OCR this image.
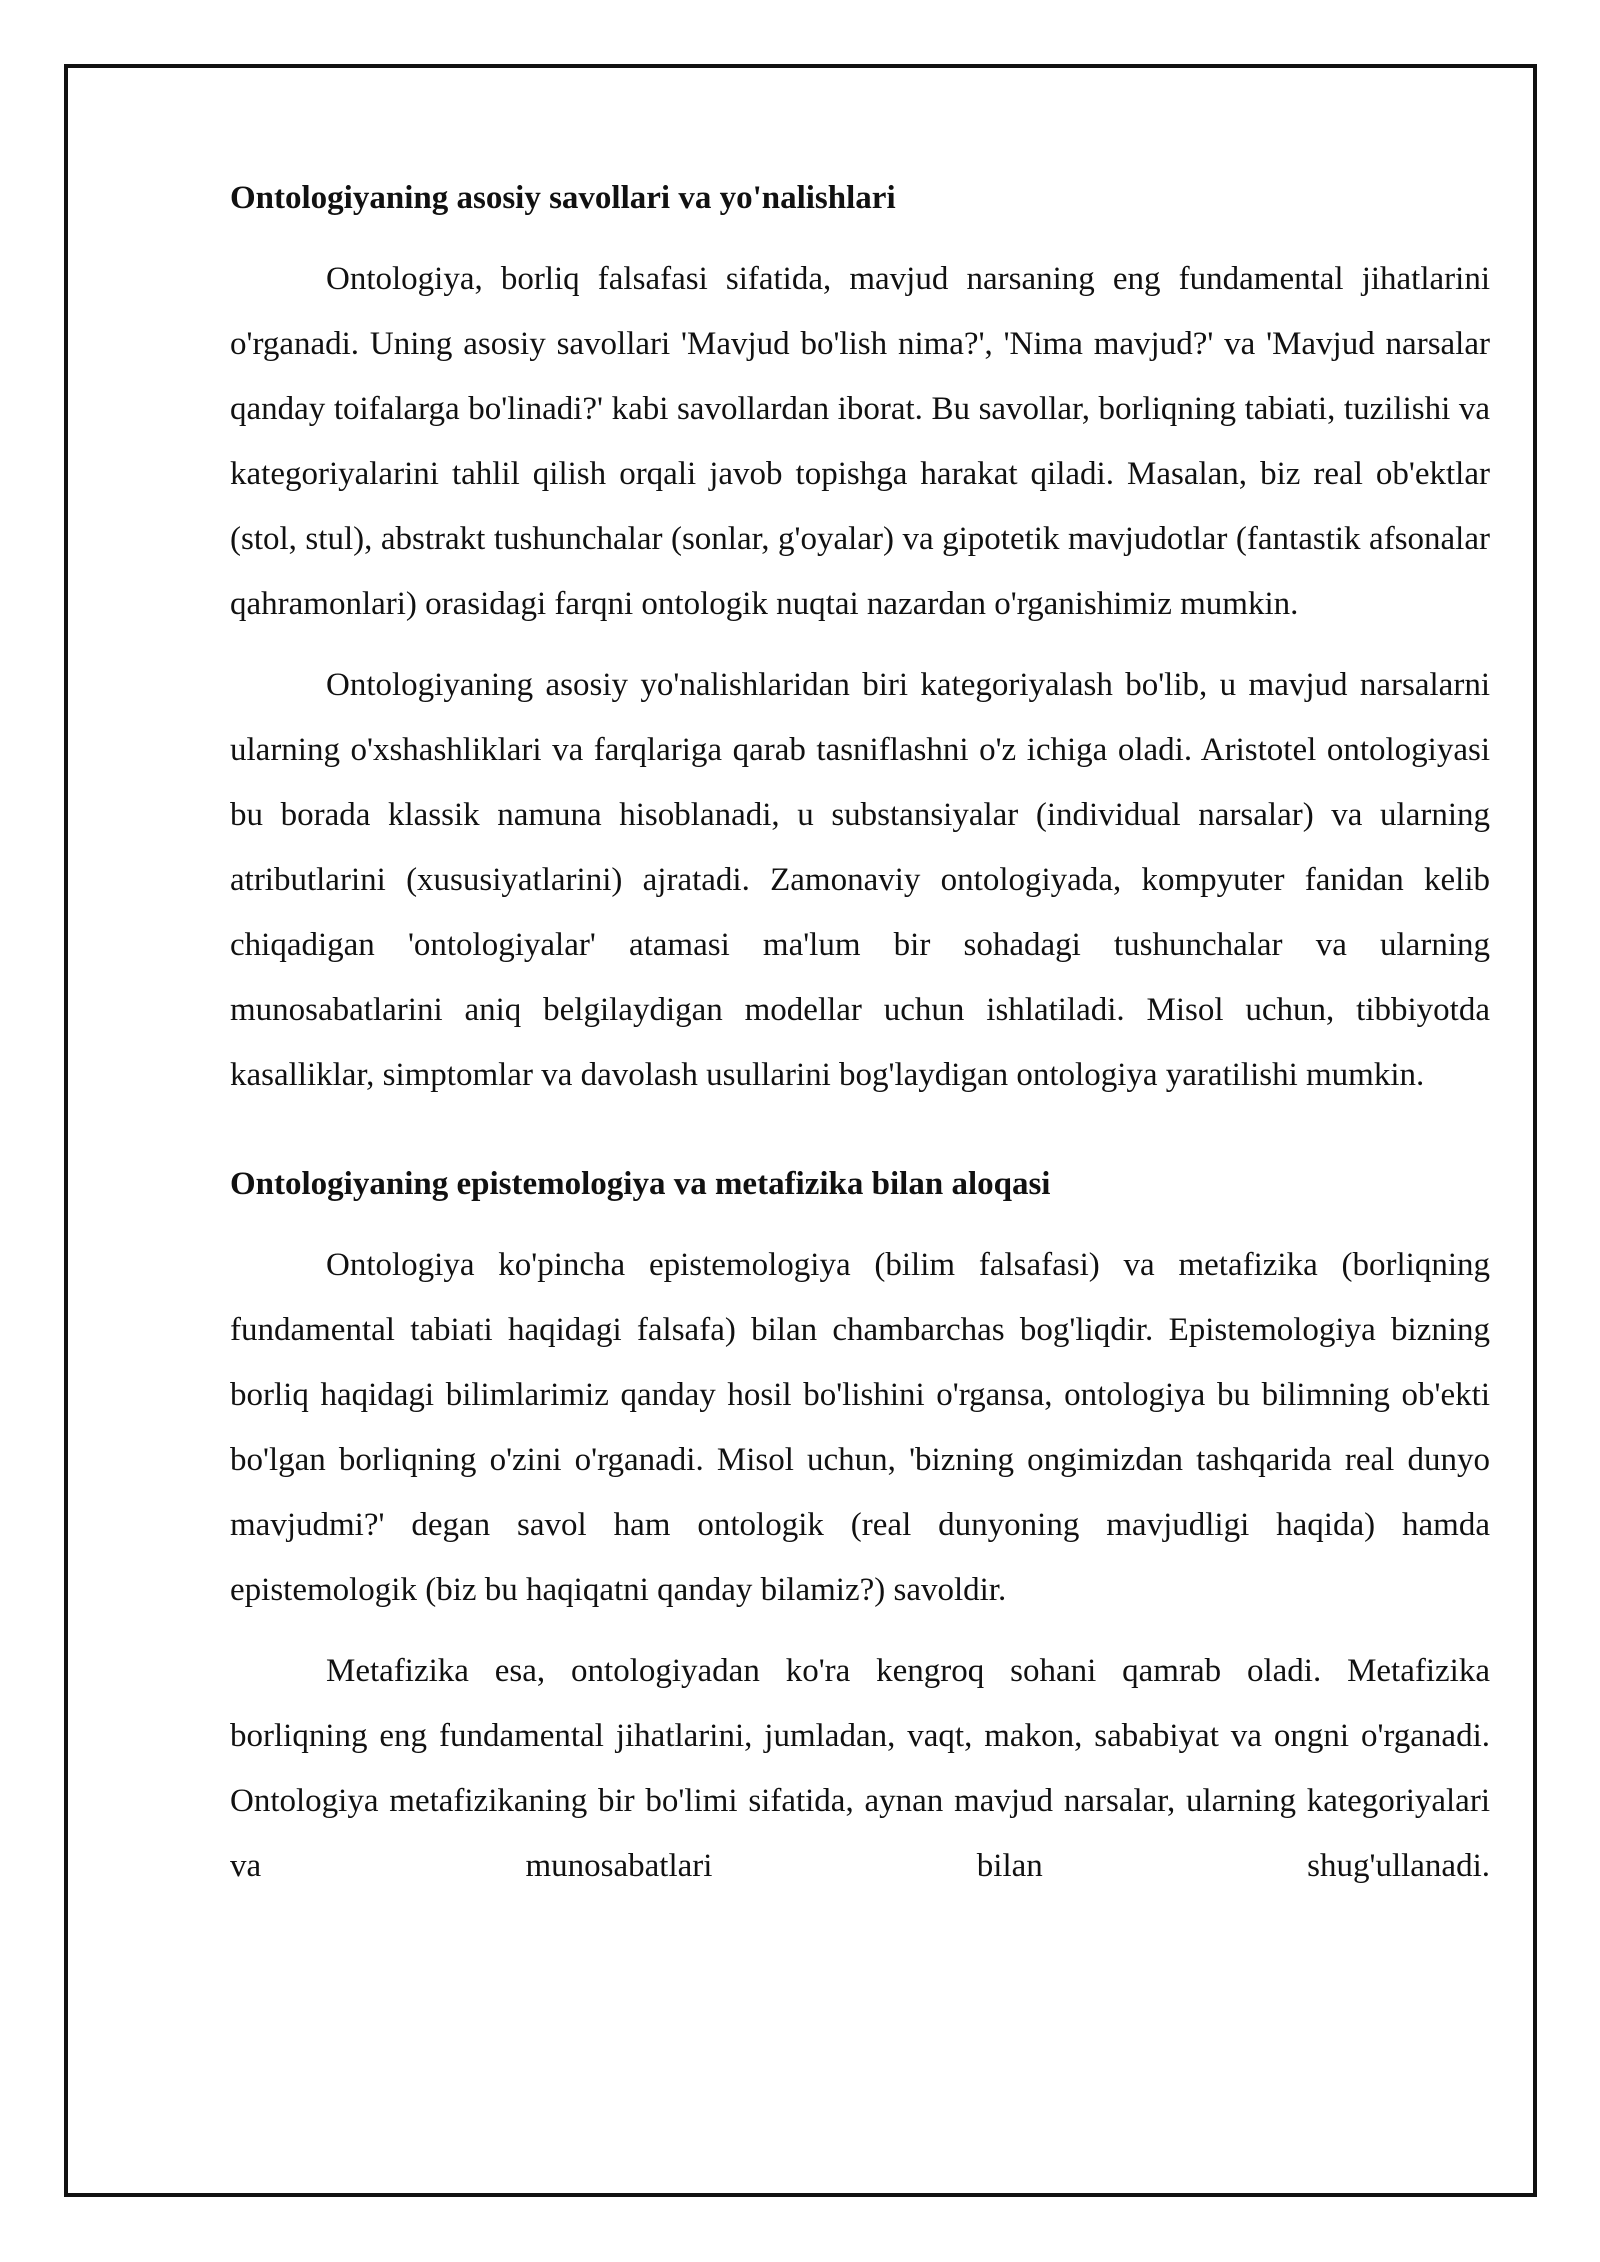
Ontologiyaning asosiy savollari va yo'nalishlari

Ontologiya, borliq falsafasi sifatida, mavjud narsaning eng fundamental jihatlarini o'rganadi. Uning asosiy savollari 'Mavjud bo'lish nima?', 'Nima mavjud?' va 'Mavjud narsalar qanday toifalarga bo'linadi?' kabi savollardan iborat. Bu savollar, borliqning tabiati, tuzilishi va kategoriyalarini tahlil qilish orqali javob topishga harakat qiladi. Masalan, biz real ob'ektlar (stol, stul), abstrakt tushunchalar (sonlar, g'oyalar) va gipotetik mavjudotlar (fantastik afsonalar qahramonlari) orasidagi farqni ontologik nuqtai nazardan o'rganishimiz mumkin.

Ontologiyaning asosiy yo'nalishlaridan biri kategoriyalash bo'lib, u mavjud narsalarni ularning o'xshashliklari va farqlariga qarab tasniflashni o'z ichiga oladi. Aristotel ontologiyasi bu borada klassik namuna hisoblanadi, u substansiyalar (individual narsalar) va ularning atributlarini (xususiyatlarini) ajratadi. Zamonaviy ontologiyada, kompyuter fanidan kelib chiqadigan 'ontologiyalar' atamasi ma'lum bir sohadagi tushunchalar va ularning munosabatlarini aniq belgilaydigan modellar uchun ishlatiladi. Misol uchun, tibbiyotda kasalliklar, simptomlar va davolash usullarini bog'laydigan ontologiya yaratilishi mumkin.

Ontologiyaning epistemologiya va metafizika bilan aloqasi

Ontologiya ko'pincha epistemologiya (bilim falsafasi) va metafizika (borliqning fundamental tabiati haqidagi falsafa) bilan chambarchas bog'liqdir. Epistemologiya bizning borliq haqidagi bilimlarimiz qanday hosil bo'lishini o'rgansa, ontologiya bu bilimning ob'ekti bo'lgan borliqning o'zini o'rganadi. Misol uchun, 'bizning ongimizdan tashqarida real dunyo mavjudmi?' degan savol ham ontologik (real dunyoning mavjudligi haqida) hamda epistemologik (biz bu haqiqatni qanday bilamiz?) savoldir.

Metafizika esa, ontologiyadan ko'ra kengroq sohani qamrab oladi. Metafizika borliqning eng fundamental jihatlarini, jumladan, vaqt, makon, sababiyat va ongni o'rganadi. Ontologiya metafizikaning bir bo'limi sifatida, aynan mavjud narsalar, ularning kategoriyalari va munosabatlari bilan shug'ullanadi.
